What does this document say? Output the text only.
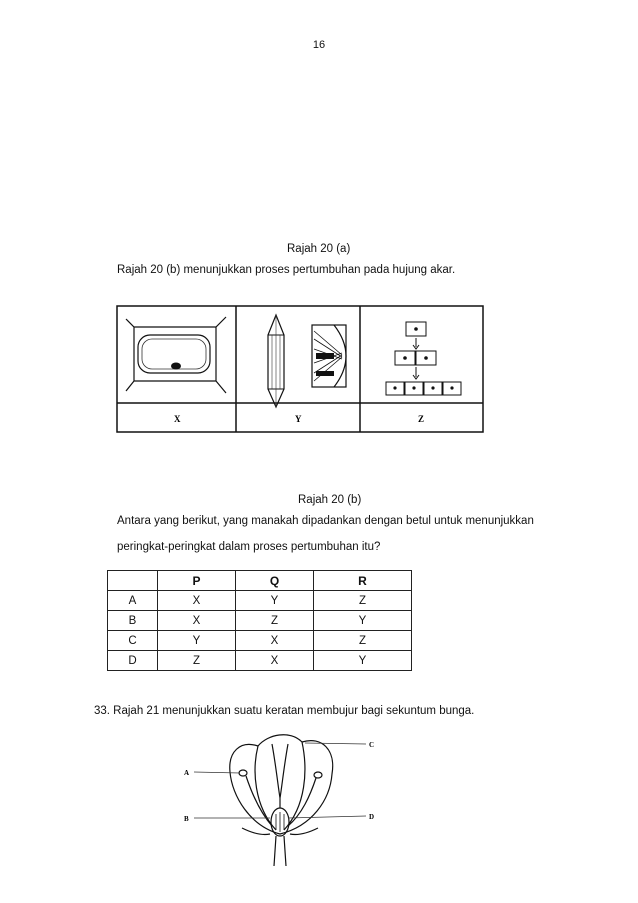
16
Rajah 20 (a)
Rajah 20 (b) menunjukkan proses pertumbuhan pada hujung akar.
X	Y	Z
Rajah 20 (b)
Antara yang berikut, yang manakah dipadankan dengan betul untuk menunjukkan
peringkat-peringkat dalam proses pertumbuhan itu?
	P	Q	R
A	X	Y	Z
B	X	Z	Y
C	Y	X	Z
D	Z	X	Y
33. Rajah 21 menunjukkan suatu keratan membujur bagi sekuntum bunga.
A
B
C
D
